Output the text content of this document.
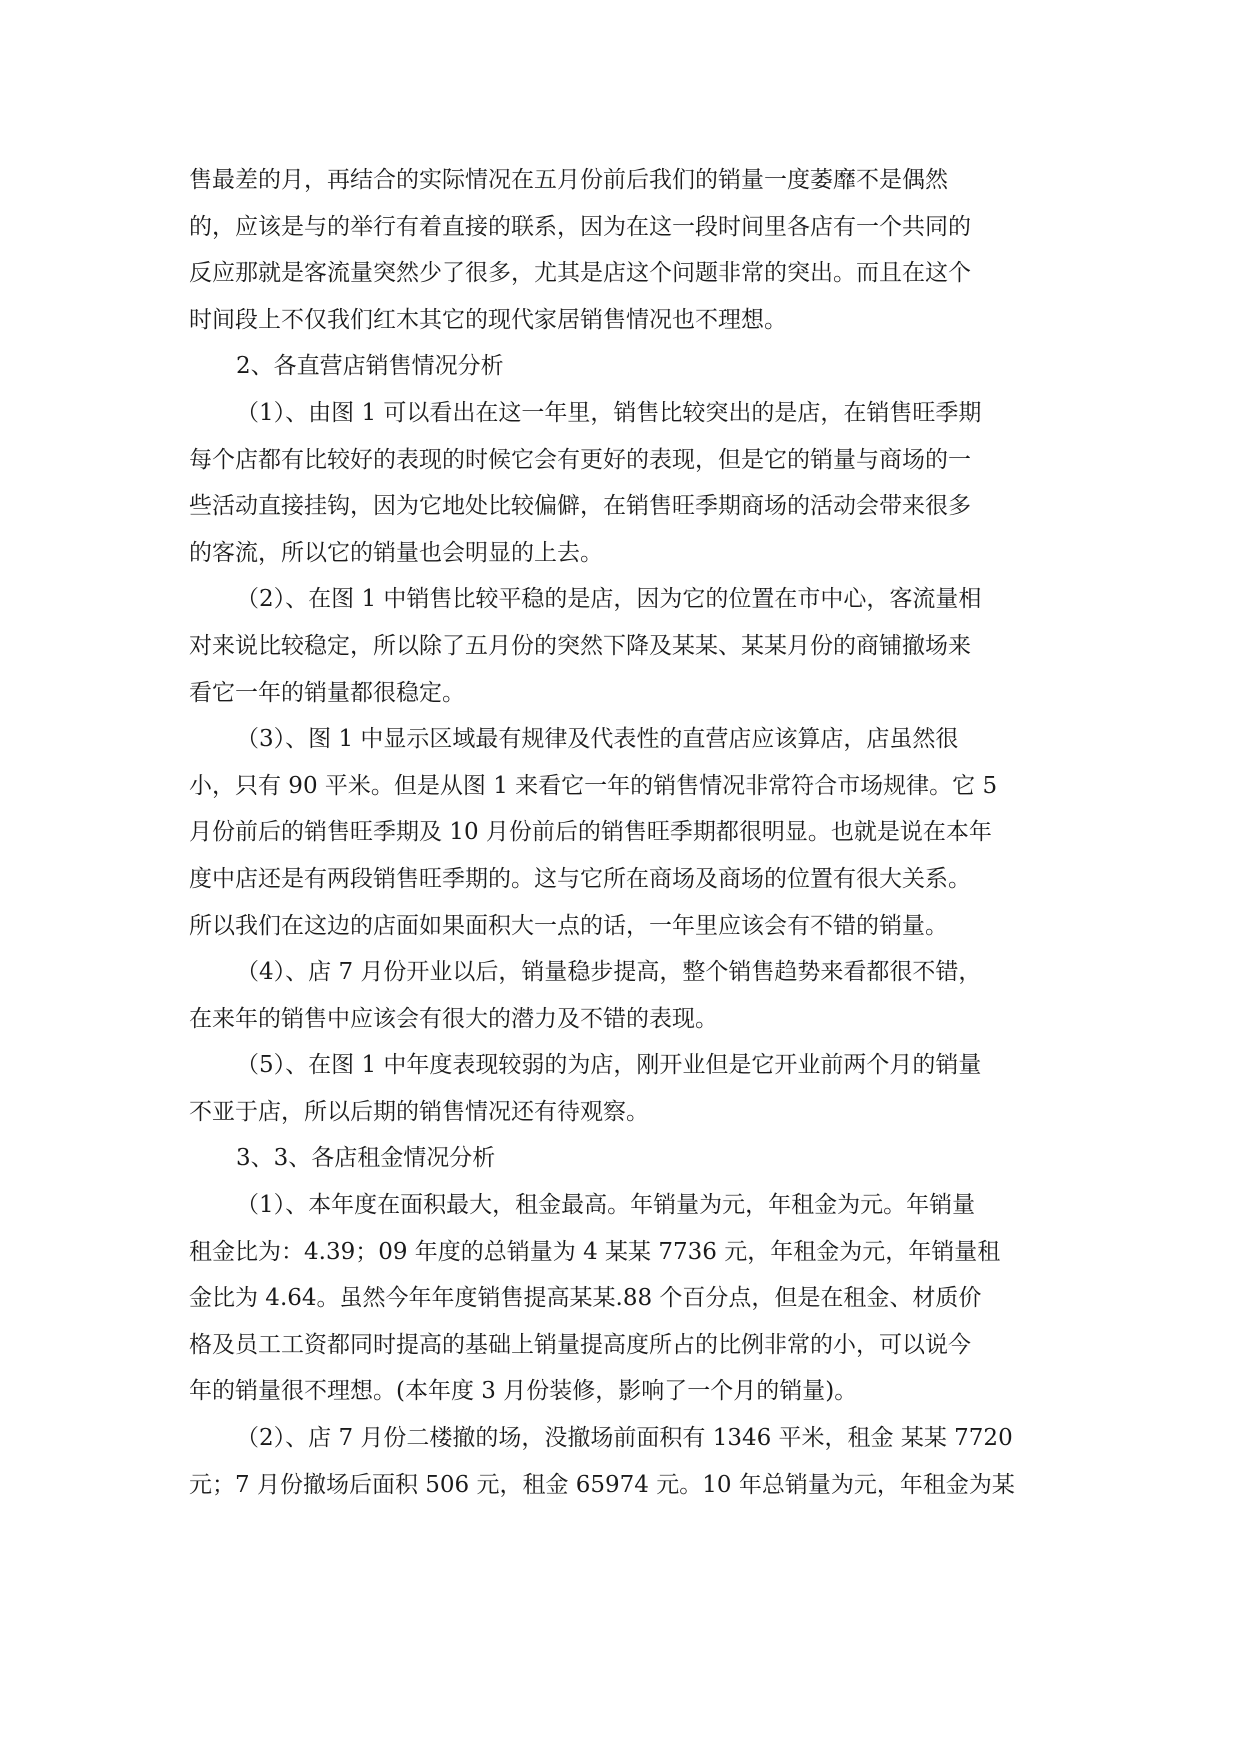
售最差的月，再结合的实际情况在五月份前后我们的销量一度萎靡不是偶然
的，应该是与的举行有着直接的联系，因为在这一段时间里各店有一个共同的
反应那就是客流量突然少了很多，尤其是店这个问题非常的突出。而且在这个
时间段上不仅我们红木其它的现代家居销售情况也不理想。
2、各直营店销售情况分析
（1）、由图 1 可以看出在这一年里，销售比较突出的是店，在销售旺季期
每个店都有比较好的表现的时候它会有更好的表现，但是它的销量与商场的一
些活动直接挂钩，因为它地处比较偏僻，在销售旺季期商场的活动会带来很多
的客流，所以它的销量也会明显的上去。
（2）、在图 1 中销售比较平稳的是店，因为它的位置在市中心，客流量相
对来说比较稳定，所以除了五月份的突然下降及某某、某某月份的商铺撤场来
看它一年的销量都很稳定。
（3）、图 1 中显示区域最有规律及代表性的直营店应该算店，店虽然很
小，只有 90 平米。但是从图 1 来看它一年的销售情况非常符合市场规律。它 5
月份前后的销售旺季期及 10 月份前后的销售旺季期都很明显。也就是说在本年
度中店还是有两段销售旺季期的。这与它所在商场及商场的位置有很大关系。
所以我们在这边的店面如果面积大一点的话，一年里应该会有不错的销量。
（4）、店 7 月份开业以后，销量稳步提高，整个销售趋势来看都很不错，
在来年的销售中应该会有很大的潜力及不错的表现。
（5）、在图 1 中年度表现较弱的为店，刚开业但是它开业前两个月的销量
不亚于店，所以后期的销售情况还有待观察。
3、3、各店租金情况分析
（1）、本年度在面积最大，租金最高。年销量为元，年租金为元。年销量
租金比为：4.39；09 年度的总销量为 4 某某 7736 元，年租金为元，年销量租
金比为 4.64。虽然今年年度销售提高某某.88 个百分点，但是在租金、材质价
格及员工工资都同时提高的基础上销量提高度所占的比例非常的小，可以说今
年的销量很不理想。(本年度 3 月份装修，影响了一个月的销量)。
（2）、店 7 月份二楼撤的场，没撤场前面积有 1346 平米，租金 某某 7720
元；7 月份撤场后面积 506 元，租金 65974 元。10 年总销量为元，年租金为某
